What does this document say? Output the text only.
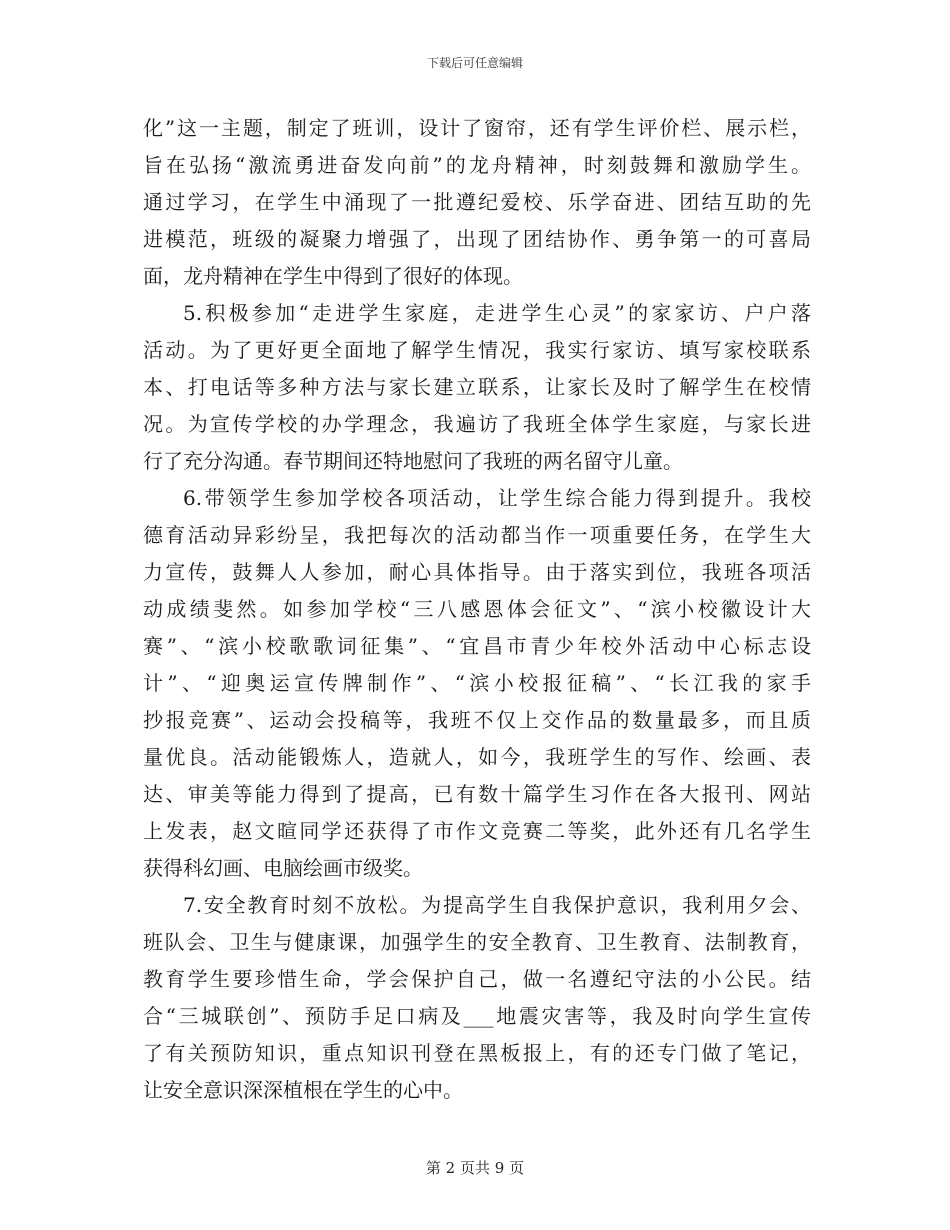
下载后可任意编辑
化”这一主题，制定了班训，设计了窗帘，还有学生评价栏、展示栏，
旨在弘扬“激流勇进奋发向前”的龙舟精神，时刻鼓舞和激励学生。
通过学习，在学生中涌现了一批遵纪爱校、乐学奋进、团结互助的先
进模范，班级的凝聚力增强了，出现了团结协作、勇争第一的可喜局
面，龙舟精神在学生中得到了很好的体现。
5.积极参加“走进学生家庭，走进学生心灵”的家家访、户户落
活动。为了更好更全面地了解学生情况，我实行家访、填写家校联系
本、打电话等多种方法与家长建立联系，让家长及时了解学生在校情
况。为宣传学校的办学理念，我遍访了我班全体学生家庭，与家长进
行了充分沟通。春节期间还特地慰问了我班的两名留守儿童。
6.带领学生参加学校各项活动，让学生综合能力得到提升。我校
德育活动异彩纷呈，我把每次的活动都当作一项重要任务，在学生大
力宣传，鼓舞人人参加，耐心具体指导。由于落实到位，我班各项活
动成绩斐然。如参加学校“三八感恩体会征文”、“滨小校徽设计大
赛”、“滨小校歌歌词征集”、“宜昌市青少年校外活动中心标志设
计”、“迎奥运宣传牌制作”、“滨小校报征稿”、“长江我的家手
抄报竞赛”、运动会投稿等，我班不仅上交作品的数量最多，而且质
量优良。活动能锻炼人，造就人，如今，我班学生的写作、绘画、表
达、审美等能力得到了提高，已有数十篇学生习作在各大报刊、网站
上发表，赵文暄同学还获得了市作文竞赛二等奖，此外还有几名学生
获得科幻画、电脑绘画市级奖。
7.安全教育时刻不放松。为提高学生自我保护意识，我利用夕会、
班队会、卫生与健康课，加强学生的安全教育、卫生教育、法制教育，
教育学生要珍惜生命，学会保护自己，做一名遵纪守法的小公民。结
合“三城联创”、预防手足口病及___地震灾害等，我及时向学生宣传
了有关预防知识，重点知识刊登在黑板报上，有的还专门做了笔记，
让安全意识深深植根在学生的心中。
第 2 页共 9 页
